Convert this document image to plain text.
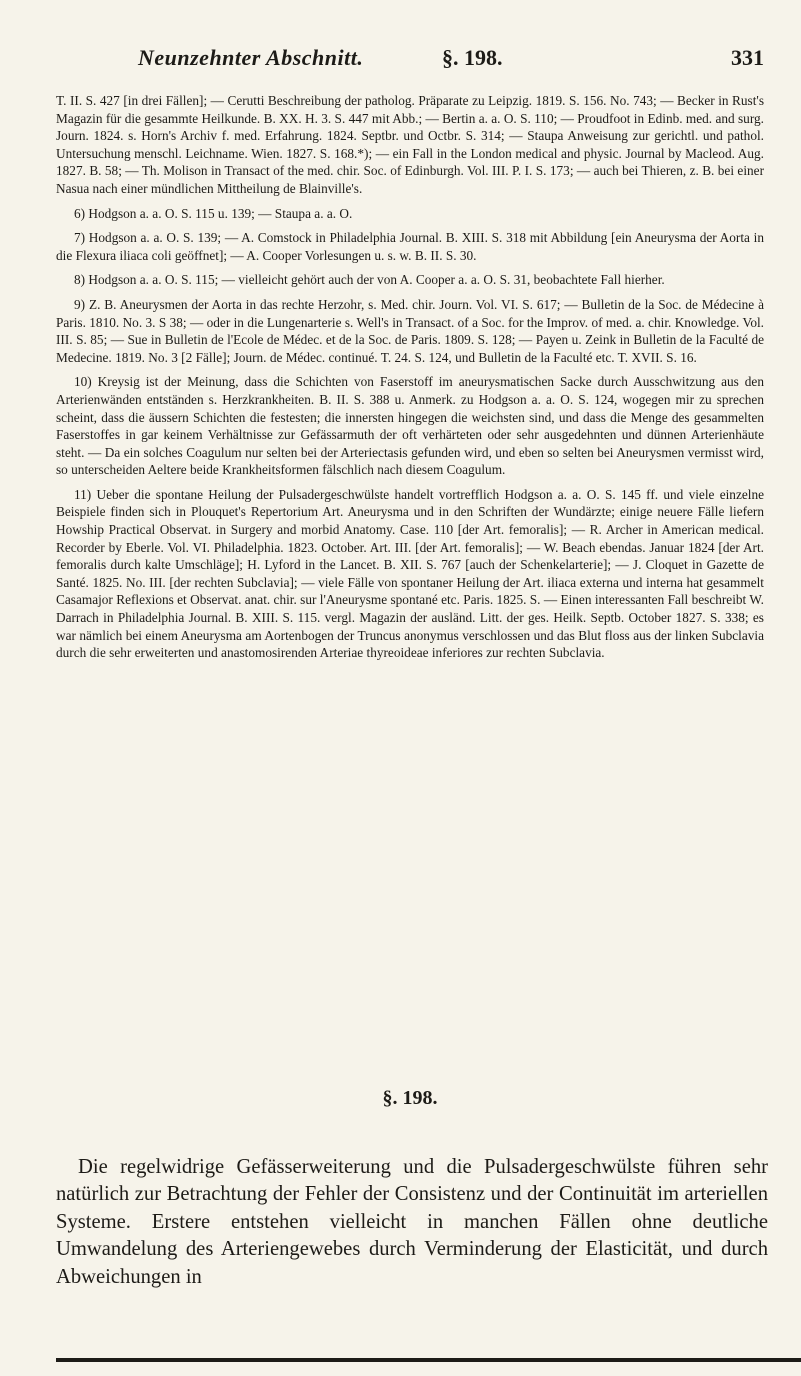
Neunzehnter Abschnitt.	§. 198.	331

T. II. S. 427 [in drei Fällen]; — Cerutti Beschreibung der patholog. Präparate zu Leipzig. 1819. S. 156. No. 743; — Becker in Rust's Magazin für die gesammte Heilkunde. B. XX. H. 3. S. 447 mit Abb.; — Bertin a. a. O. S. 110; — Proudfoot in Edinb. med. and surg. Journ. 1824. s. Horn's Archiv f. med. Erfahrung. 1824. Septbr. und Octbr. S. 314; — Staupa Anweisung zur gerichtl. und pathol. Untersuchung menschl. Leichname. Wien. 1827. S. 168.*); — ein Fall in the London medical and physic. Journal by Macleod. Aug. 1827. B. 58; — Th. Molison in Transact of the med. chir. Soc. of Edinburgh. Vol. III. P. I. S. 173; — auch bei Thieren, z. B. bei einer Nasua nach einer mündlichen Mittheilung de Blainville's.

6) Hodgson a. a. O. S. 115 u. 139; — Staupa a. a. O.

7) Hodgson a. a. O. S. 139; — A. Comstock in Philadelphia Journal. B. XIII. S. 318 mit Abbildung [ein Aneurysma der Aorta in die Flexura iliaca coli geöffnet]; — A. Cooper Vorlesungen u. s. w. B. II. S. 30.

8) Hodgson a. a. O. S. 115; — vielleicht gehört auch der von A. Cooper a. a. O. S. 31, beobachtete Fall hierher.

9) Z. B. Aneurysmen der Aorta in das rechte Herzohr, s. Med. chir. Journ. Vol. VI. S. 617; — Bulletin de la Soc. de Médecine à Paris. 1810. No. 3. S 38; — oder in die Lungenarterie s. Well's in Transact. of a Soc. for the Improv. of med. a. chir. Knowledge. Vol. III. S. 85; — Sue in Bulletin de l'Ecole de Médec. et de la Soc. de Paris. 1809. S. 128; — Payen u. Zeink in Bulletin de la Faculté de Medecine. 1819. No. 3 [2 Fälle]; Journ. de Médec. continué. T. 24. S. 124, und Bulletin de la Faculté etc. T. XVII. S. 16.

10) Kreysig ist der Meinung, dass die Schichten von Faserstoff im aneurysmatischen Sacke durch Ausschwitzung aus den Arterienwänden entständen s. Herzkrankheiten. B. II. S. 388 u. Anmerk. zu Hodgson a. a. O. S. 124, wogegen mir zu sprechen scheint, dass die äussern Schichten die festesten; die innersten hingegen die weichsten sind, und dass die Menge des gesammelten Faserstoffes in gar keinem Verhältnisse zur Gefässarmuth der oft verhärteten oder sehr ausgedehnten und dünnen Arterienhäute steht. — Da ein solches Coagulum nur selten bei der Arteriectasis gefunden wird, und eben so selten bei Aneurysmen vermisst wird, so unterscheiden Aeltere beide Krankheitsformen fälschlich nach diesem Coagulum.

11) Ueber die spontane Heilung der Pulsadergeschwülste handelt vortrefflich Hodgson a. a. O. S. 145 ff. und viele einzelne Beispiele finden sich in Plouquet's Repertorium Art. Aneurysma und in den Schriften der Wundärzte; einige neuere Fälle liefern Howship Practical Observat. in Surgery and morbid Anatomy. Case. 110 [der Art. femoralis]; — R. Archer in American medical. Recorder by Eberle. Vol. VI. Philadelphia. 1823. October. Art. III. [der Art. femoralis]; — W. Beach ebendas. Januar 1824 [der Art. femoralis durch kalte Umschläge]; H. Lyford in the Lancet. B. XII. S. 767 [auch der Schenkelarterie]; — J. Cloquet in Gazette de Santé. 1825. No. III. [der rechten Subclavia]; — viele Fälle von spontaner Heilung der Art. iliaca externa und interna hat gesammelt Casamajor Reflexions et Observat. anat. chir. sur l'Aneurysme spontané etc. Paris. 1825. S. — Einen interessanten Fall beschreibt W. Darrach in Philadelphia Journal. B. XIII. S. 115. vergl. Magazin der ausländ. Litt. der ges. Heilk. Septb. October 1827. S. 338; es war nämlich bei einem Aneurysma am Aortenbogen der Truncus anonymus verschlossen und das Blut floss aus der linken Subclavia durch die sehr erweiterten und anastomosirenden Arteriae thyreoideae inferiores zur rechten Subclavia.

§. 198.

Die regelwidrige Gefässerweiterung und die Pulsadergeschwülste führen sehr natürlich zur Betrachtung der Fehler der Consistenz und der Continuität im arteriellen Systeme. Erstere entstehen vielleicht in manchen Fällen ohne deutliche Umwandelung des Arteriengewebes durch Verminderung der Elasticität, und durch Abweichungen in
